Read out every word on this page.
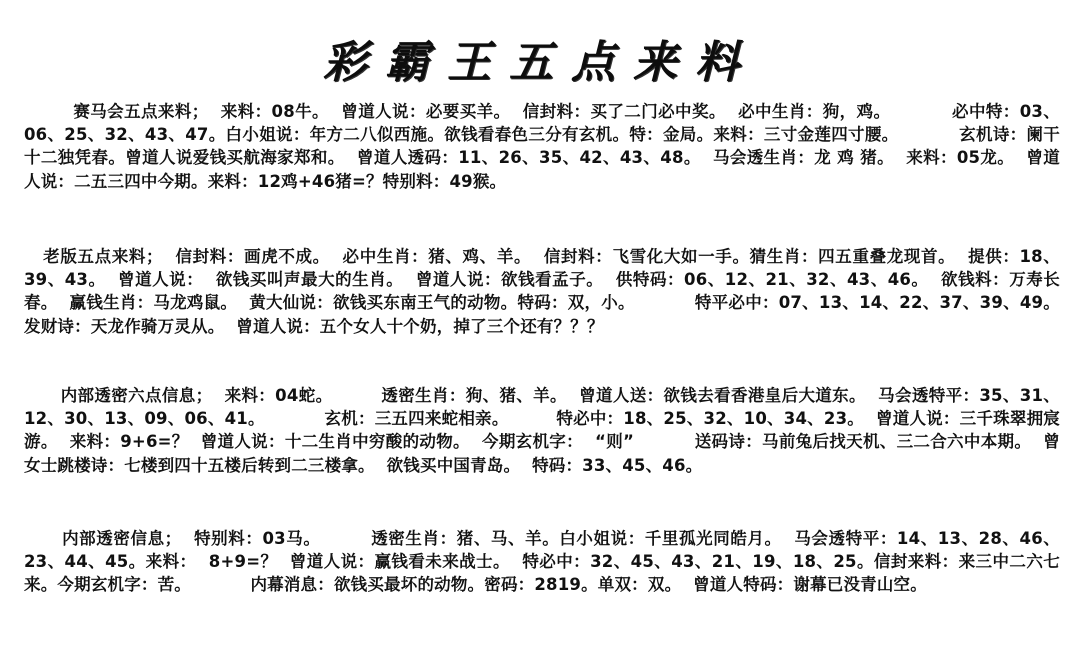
彩霸王五点来料
赛马会五点来料；  来料：08牛。  曾道人说：必要买羊。  信封料：买了二门必中奖。  必中生肖：狗，鸡。          必中特：03、06、25、32、43、47。白小姐说：年方二八似西施。欲钱看春色三分有玄机。特：金局。来料：三寸金莲四寸腰。          玄机诗：阑干十二独凭春。曾道人说爱钱买航海家郑和。  曾道人透码：11、26、35、42、43、48。  马会透生肖：龙 鸡 猪。  来料：05龙。  曾道人说：二五三四中今期。来料：12鸡+46猪=？特别料：49猴。
老版五点来料；  信封料：画虎不成。  必中生肖：猪、鸡、羊。  信封料：飞雪化大如一手。猜生肖：四五重叠龙现首。  提供：18、39、43。  曾道人说：  欲钱买叫声最大的生肖。  曾道人说：欲钱看孟子。  供特码：06、12、21、32、43、46。  欲钱料：万寿长春。  赢钱生肖：马龙鸡鼠。  黄大仙说：欲钱买东南王气的动物。特码：双，小。          特平必中：07、13、14、22、37、39、49。  发财诗：天龙作骑万灵从。  曾道人说：五个女人十个奶，掉了三个还有？？？
内部透密六点信息；  来料：04蛇。        透密生肖：狗、猪、羊。  曾道人送：欲钱去看香港皇后大道东。  马会透特平：35、31、12、30、13、09、06、41。          玄机：三五四来蛇相亲。        特必中：18、25、32、10、34、23。  曾道人说：三千珠翠拥宸游。  来料：9+6=？  曾道人说：十二生肖中穷酸的动物。  今期玄机字：  “则”          送码诗：马前兔后找天机、三二合六中本期。  曾女士跳楼诗：七楼到四十五楼后转到二三楼拿。  欲钱买中国青岛。  特码：33、45、46。
内部透密信息；  特别料：03马。        透密生肖：猪、马、羊。白小姐说：千里孤光同皓月。  马会透特平：14、13、28、46、23、44、45。来料：  8+9=？  曾道人说：赢钱看未来战士。  特必中：32、45、43、21、19、18、25。信封来料：来三中二六七来。今期玄机字：苦。          内幕消息：欲钱买最坏的动物。密码：2819。单双：双。  曾道人特码：谢幕已没青山空。
